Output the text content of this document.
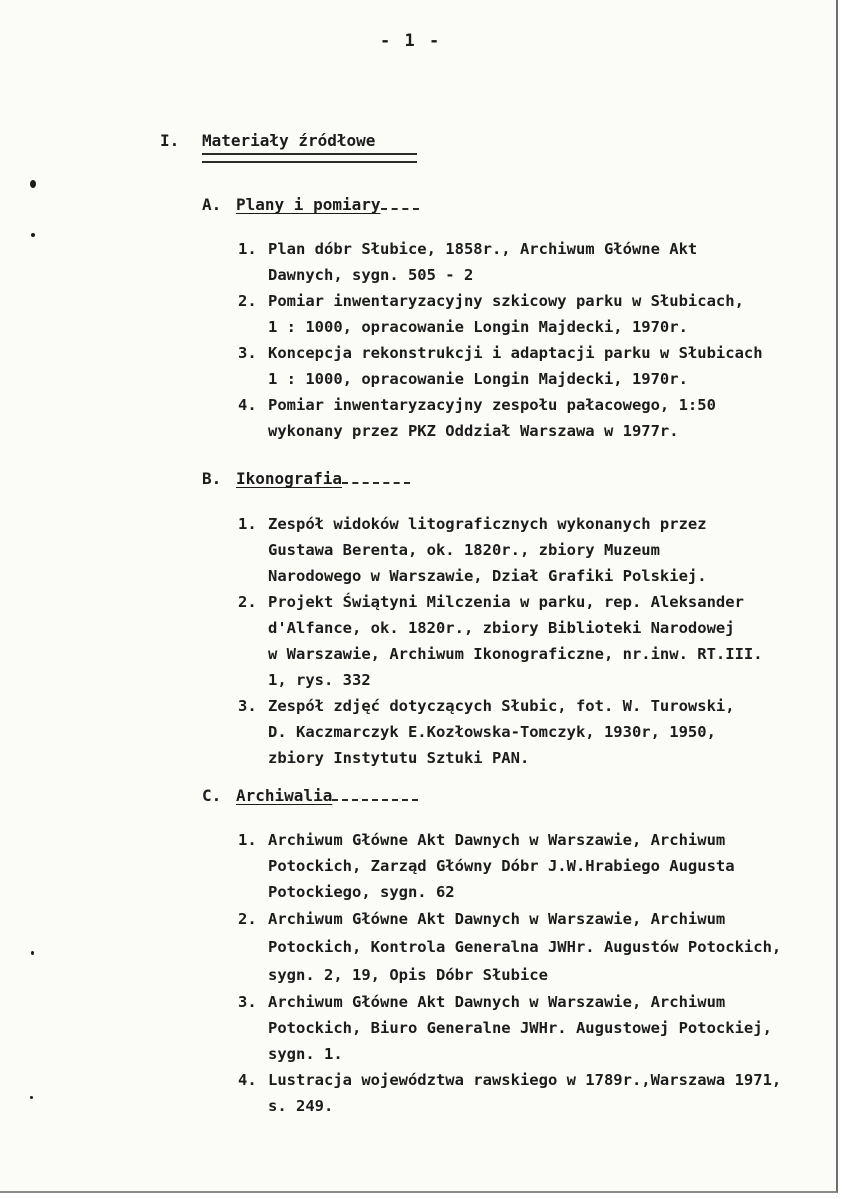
- 1 -
I. Materiały źródłowe
A. Plany i pomiary
1. Plan dóbr Słubice, 1858r., Archiwum Główne Akt
Dawnych, sygn. 505 - 2
2. Pomiar inwentaryzacyjny szkicowy parku w Słubicach,
1 : 1000, opracowanie Longin Majdecki, 1970r.
3. Koncepcja rekonstrukcji i adaptacji parku w Słubicach
1 : 1000, opracowanie Longin Majdecki, 1970r.
4. Pomiar inwentaryzacyjny zespołu pałacowego, 1:50
wykonany przez PKZ Oddział Warszawa w 1977r.
B. Ikonografia
1. Zespół widoków litograficznych wykonanych przez
Gustawa Berenta, ok. 1820r., zbiory Muzeum
Narodowego w Warszawie, Dział Grafiki Polskiej.
2. Projekt Świątyni Milczenia w parku, rep. Aleksander
d'Alfance, ok. 1820r., zbiory Biblioteki Narodowej
w Warszawie, Archiwum Ikonograficzne, nr.inw. RT.III.
1, rys. 332
3. Zespół zdjęć dotyczących Słubic, fot. W. Turowski,
D. Kaczmarczyk E.Kozłowska-Tomczyk, 1930r, 1950,
zbiory Instytutu Sztuki PAN.
C. Archiwalia
1. Archiwum Główne Akt Dawnych w Warszawie, Archiwum
Potockich, Zarząd Główny Dóbr J.W.Hrabiego Augusta
Potockiego, sygn. 62
2. Archiwum Główne Akt Dawnych w Warszawie, Archiwum
Potockich, Kontrola Generalna JWHr. Augustów Potockich,
sygn. 2, 19, Opis Dóbr Słubice
3. Archiwum Główne Akt Dawnych w Warszawie, Archiwum
Potockich, Biuro Generalne JWHr. Augustowej Potockiej,
sygn. 1.
4. Lustracja województwa rawskiego w 1789r.,Warszawa 1971,
s. 249.
